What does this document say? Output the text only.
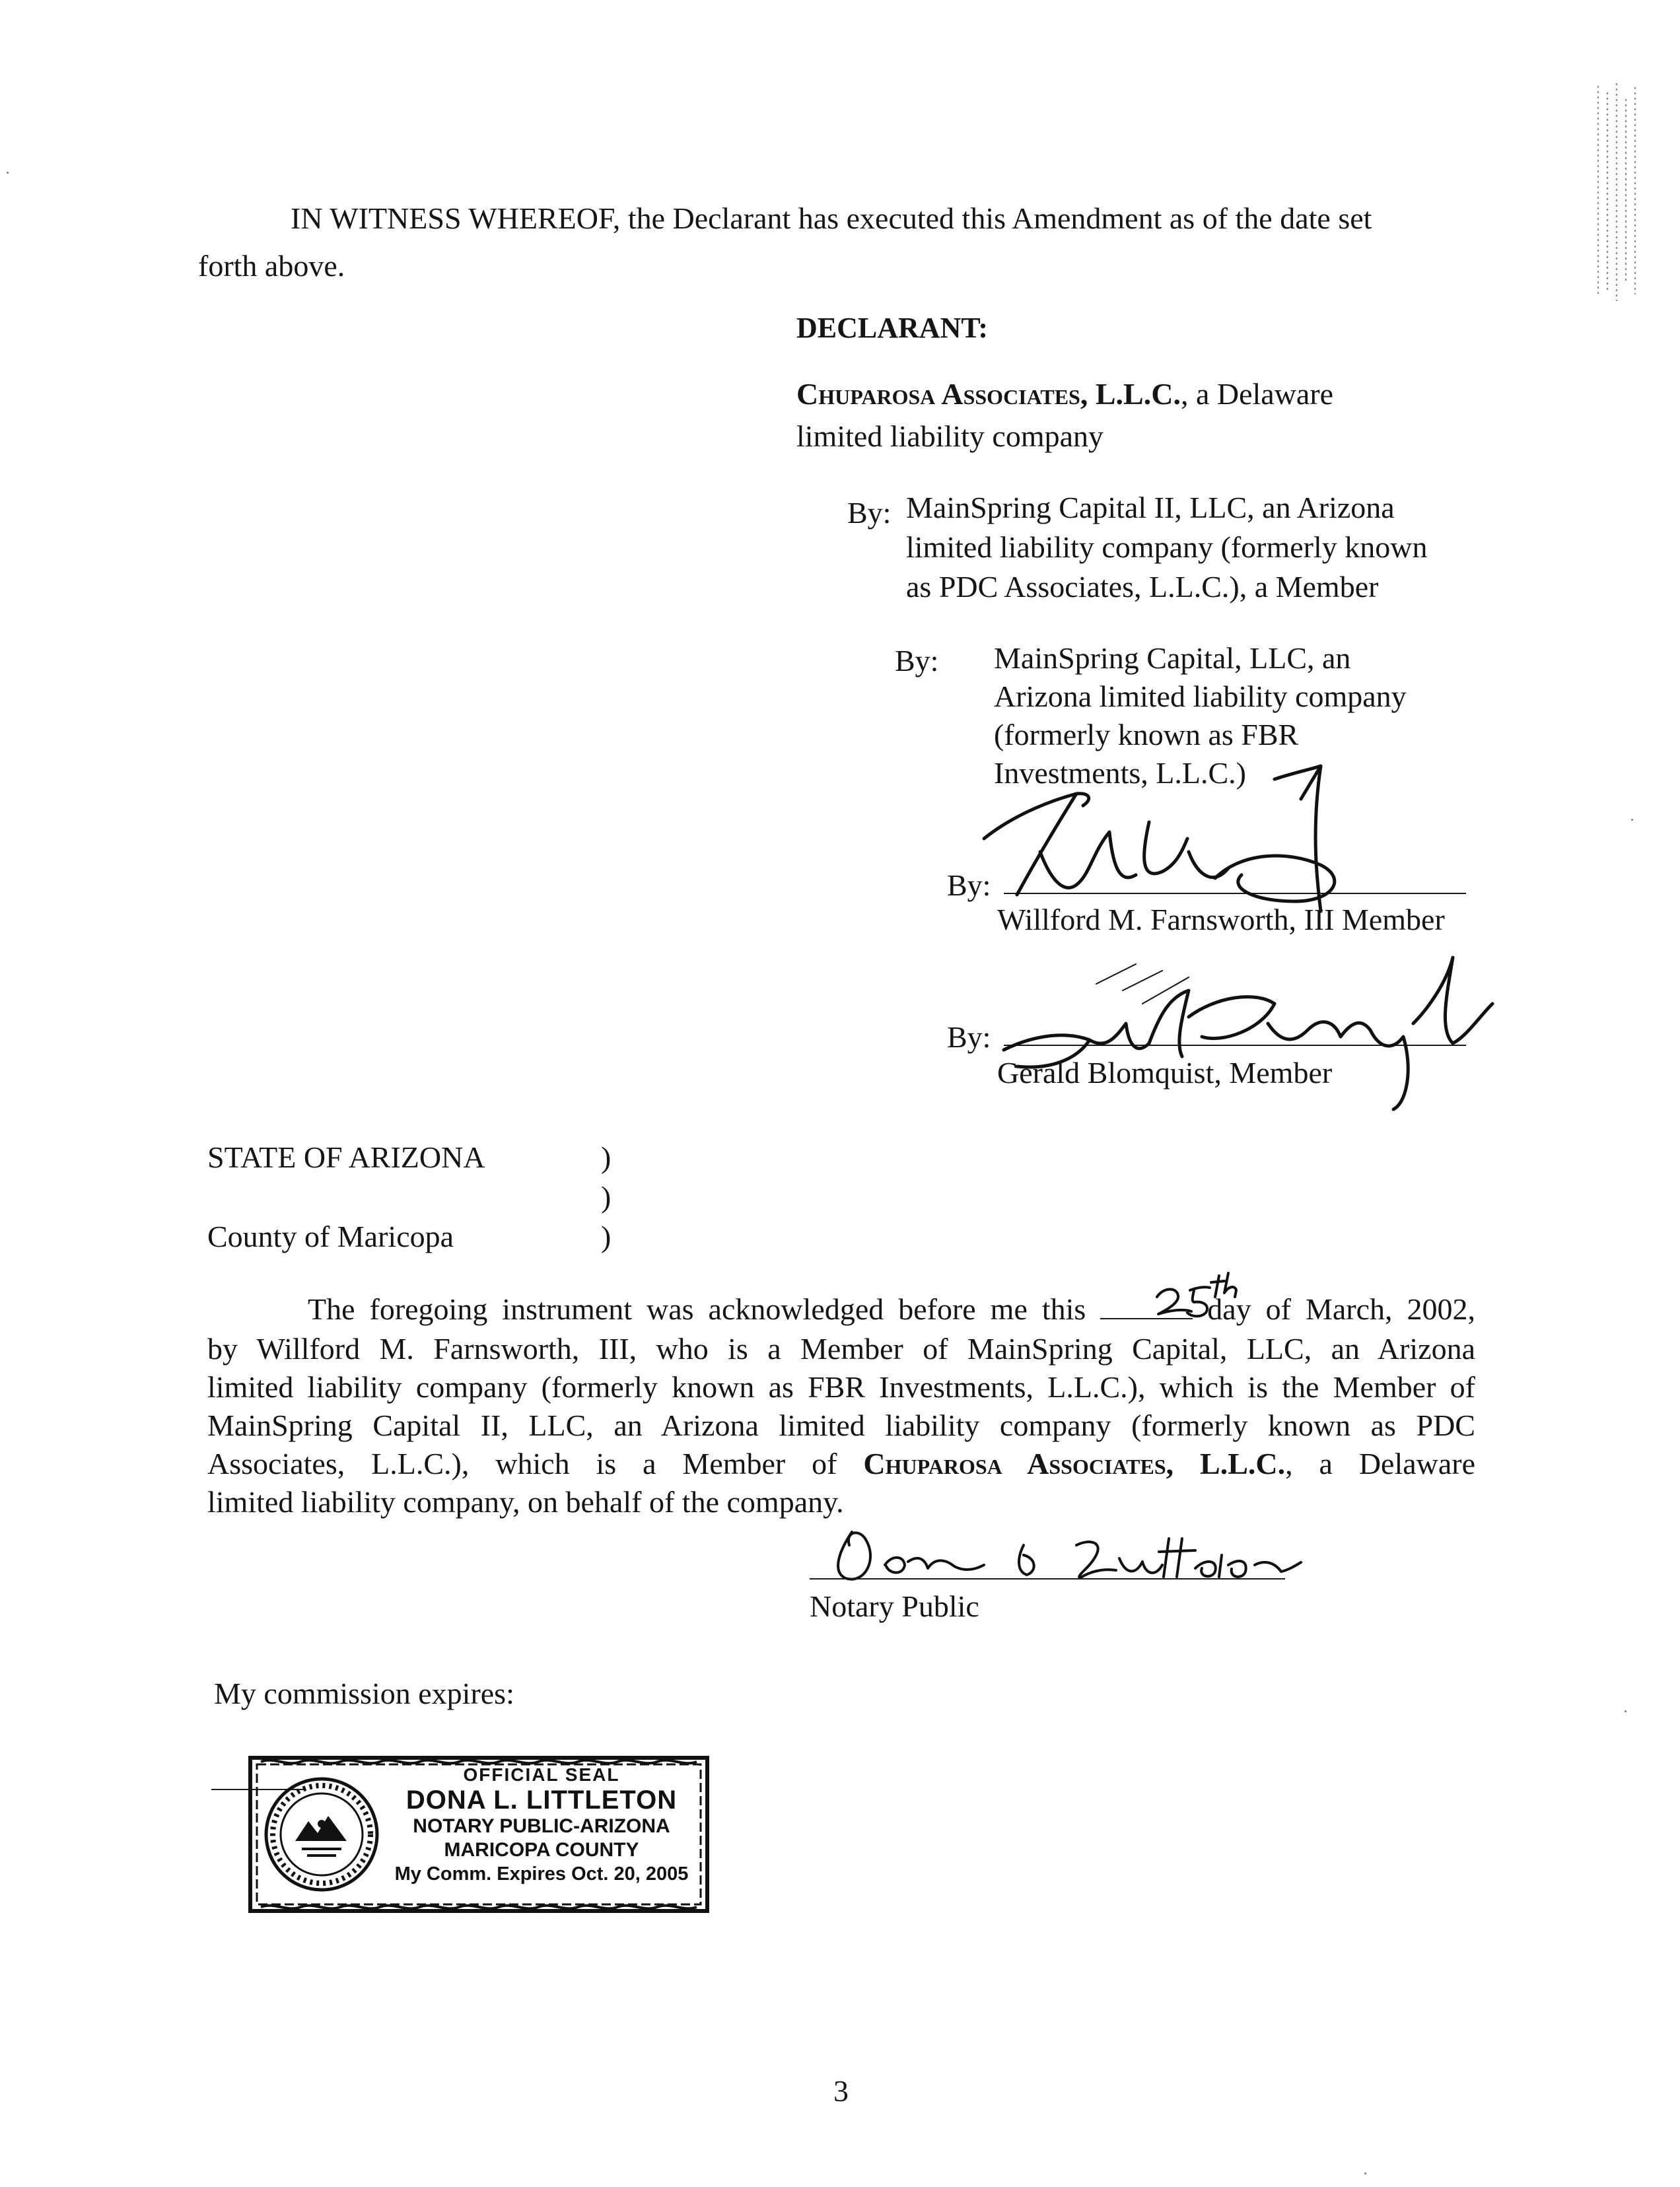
IN WITNESS WHEREOF, the Declarant has executed this Amendment as of the date set

forth above.

DECLARANT:

Chuparosa Associates, L.L.C., a Delaware

limited liability company

By: MainSpring Capital II, LLC, an Arizona

limited liability company (formerly known

as PDC Associates, L.L.C.), a Member

By: MainSpring Capital, LLC, an

Arizona limited liability company

(formerly known as FBR

Investments, L.L.C.)

By:

Willford M. Farnsworth, III Member

By:

Gerald Blomquist, Member

STATE OF ARIZONA

County of Maricopa

)

)

)

The foregoing instrument was acknowledged before me this	day of March, 2002,

by Willford M. Farnsworth, III, who is a Member of MainSpring Capital, LLC, an Arizona

limited liability company (formerly known as FBR Investments, L.L.C.), which is the Member of

MainSpring Capital II, LLC, an Arizona limited liability company (formerly known as PDC

Associates, L.L.C.), which is a Member of Chuparosa Associates, L.L.C., a Delaware

limited liability company, on behalf of the company.

Notary Public

My commission expires:

OFFICIAL SEAL
DONA L. LITTLETON
NOTARY PUBLIC-ARIZONA
MARICOPA COUNTY
My Comm. Expires Oct. 20, 2005

3
